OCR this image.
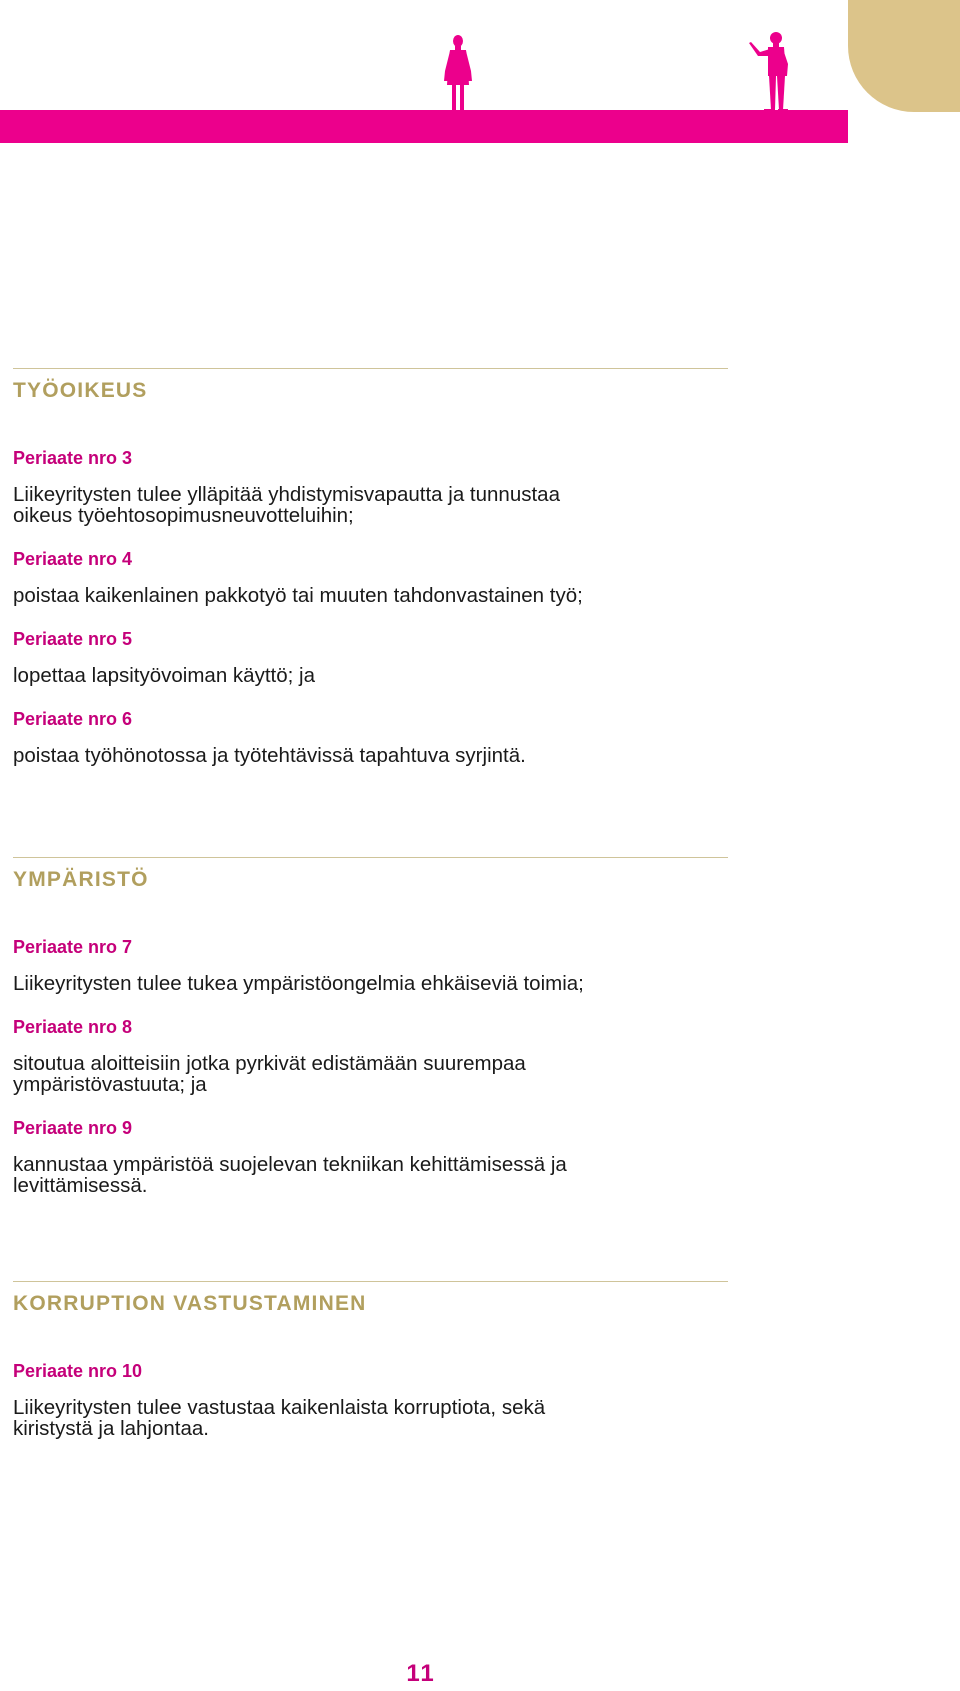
TYÖOIKEUS
Periaate nro 3
Liikeyritysten tulee ylläpitää yhdistymisvapautta ja tunnustaa
oikeus työehtosopimusneuvotteluihin;
Periaate nro 4
poistaa kaikenlainen pakkotyö tai muuten tahdonvastainen työ;
Periaate nro 5
lopettaa lapsityövoiman käyttö; ja
Periaate nro 6
poistaa työhönotossa ja työtehtävissä tapahtuva syrjintä.
YMPÄRISTÖ
Periaate nro 7
Liikeyritysten tulee tukea ympäristöongelmia ehkäiseviä toimia;
Periaate nro 8
sitoutua aloitteisiin jotka pyrkivät edistämään suurempaa
ympäristövastuuta; ja
Periaate nro 9
kannustaa ympäristöä suojelevan tekniikan kehittämisessä ja
levittämisessä.
KORRUPTION VASTUSTAMINEN
Periaate nro 10
Liikeyritysten tulee vastustaa kaikenlaista korruptiota, sekä
kiristystä ja lahjontaa.
11
